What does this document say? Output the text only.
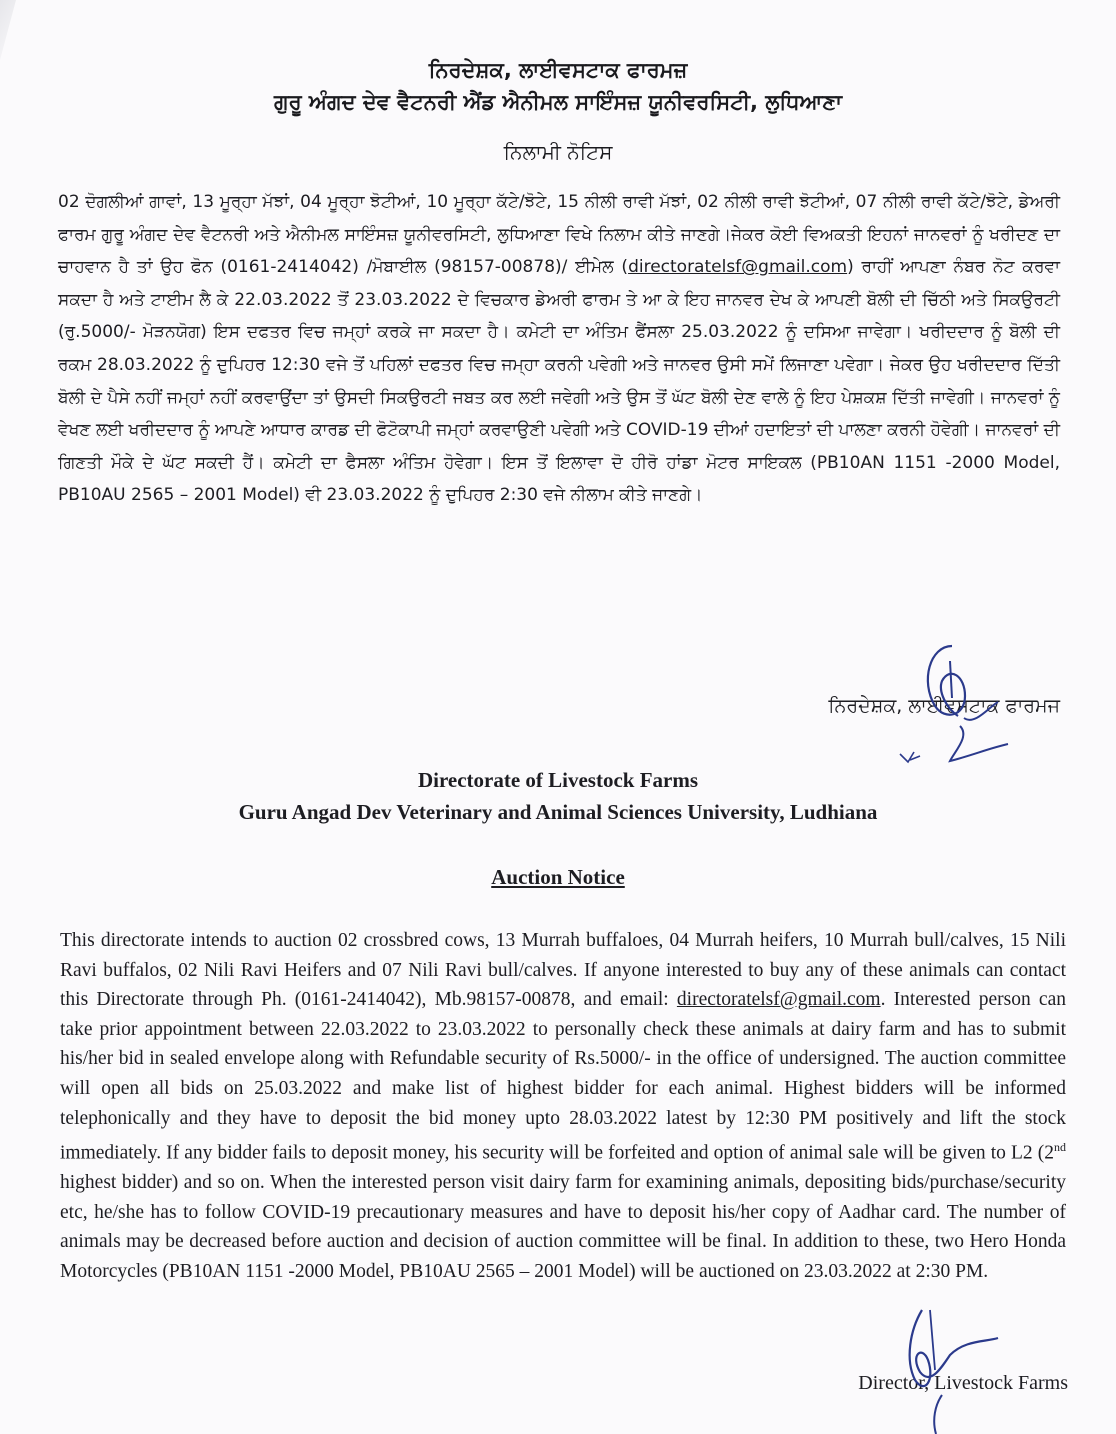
ਨਿਰਦੇਸ਼ਕ, ਲਾਈਵਸਟਾਕ ਫਾਰਮਜ਼
ਗੁਰੂ ਅੰਗਦ ਦੇਵ ਵੈਟਨਰੀ ਐਂਡ ਐਨੀਮਲ ਸਾਇੰਸਜ਼ ਯੂਨੀਵਰਸਿਟੀ, ਲੁਧਿਆਣਾ
ਨਿਲਾਮੀ ਨੋਟਿਸ
02 ਦੋਗਲੀਆਂ ਗਾਵਾਂ, 13 ਮੂਰ੍ਹਾ ਮੱਝਾਂ, 04 ਮੂਰ੍ਹਾ ਝੋਟੀਆਂ, 10 ਮੂਰ੍ਹਾ ਕੱਟੇ/ਝੋਟੇ, 15 ਨੀਲੀ ਰਾਵੀ ਮੱਝਾਂ, 02 ਨੀਲੀ ਰਾਵੀ ਝੋਟੀਆਂ, 07 ਨੀਲੀ ਰਾਵੀ ਕੱਟੇ/ਝੋਟੇ, ਡੇਅਰੀ ਫਾਰਮ ਗੁਰੂ ਅੰਗਦ ਦੇਵ ਵੈਟਨਰੀ ਅਤੇ ਐਨੀਮਲ ਸਾਇੰਸਜ਼ ਯੂਨੀਵਰਸਿਟੀ, ਲੁਧਿਆਣਾ ਵਿਖੇ ਨਿਲਾਮ ਕੀਤੇ ਜਾਣਗੇ।ਜੇਕਰ ਕੋਈ ਵਿਅਕਤੀ ਇਹਨਾਂ ਜਾਨਵਰਾਂ ਨੂੰ ਖਰੀਦਣ ਦਾ ਚਾਹਵਾਨ ਹੈ ਤਾਂ ਉਹ ਫੋਨ (0161-2414042) /ਮੋਬਾਈਲ (98157-00878)/ ਈਮੇਲ (directoratelsf@gmail.com) ਰਾਹੀਂ ਆਪਣਾ ਨੰਬਰ ਨੋਟ ਕਰਵਾ ਸਕਦਾ ਹੈ ਅਤੇ ਟਾਈਮ ਲੈ ਕੇ 22.03.2022 ਤੋਂ 23.03.2022 ਦੇ ਵਿਚਕਾਰ ਡੇਅਰੀ ਫਾਰਮ ਤੇ ਆ ਕੇ ਇਹ ਜਾਨਵਰ ਦੇਖ ਕੇ ਆਪਣੀ ਬੋਲੀ ਦੀ ਚਿੱਠੀ ਅਤੇ ਸਿਕਉਰਟੀ (ਰੁ.5000/- ਮੋੜਨਯੋਗ) ਇਸ ਦਫਤਰ ਵਿਚ ਜਮ੍ਹਾਂ ਕਰਕੇ ਜਾ ਸਕਦਾ ਹੈ। ਕਮੇਟੀ ਦਾ ਅੰਤਿਮ ਫੈਂਸਲਾ 25.03.2022 ਨੂੰ ਦਸਿਆ ਜਾਵੇਗਾ। ਖਰੀਦਦਾਰ ਨੂੰ ਬੋਲੀ ਦੀ ਰਕਮ 28.03.2022 ਨੂੰ ਦੁਪਿਹਰ 12:30 ਵਜੇ ਤੋਂ ਪਹਿਲਾਂ ਦਫਤਰ ਵਿਚ ਜਮ੍ਹਾ ਕਰਨੀ ਪਵੇਗੀ ਅਤੇ ਜਾਨਵਰ ਉਸੀ ਸਮੇਂ ਲਿਜਾਣਾ ਪਵੇਗਾ। ਜੇਕਰ ਉਹ ਖਰੀਦਦਾਰ ਦਿੱਤੀ ਬੋਲੀ ਦੇ ਪੈਸੇ ਨਹੀਂ ਜਮ੍ਹਾਂ ਨਹੀਂ ਕਰਵਾਉਂਦਾ ਤਾਂ ਉਸਦੀ ਸਿਕਉਰਟੀ ਜਬਤ ਕਰ ਲਈ ਜਵੇਗੀ ਅਤੇ ਉਸ ਤੋਂ ਘੱਟ ਬੋਲੀ ਦੇਣ ਵਾਲੇ ਨੂੰ ਇਹ ਪੇਸ਼ਕਸ਼ ਦਿੱਤੀ ਜਾਵੇਗੀ। ਜਾਨਵਰਾਂ ਨੂੰ ਵੇਖਣ ਲਈ ਖਰੀਦਦਾਰ ਨੂੰ ਆਪਣੇ ਆਧਾਰ ਕਾਰਡ ਦੀ ਫੋਟੋਕਾਪੀ ਜਮ੍ਹਾਂ ਕਰਵਾਉਣੀ ਪਵੇਗੀ ਅਤੇ COVID-19 ਦੀਆਂ ਹਦਾਇਤਾਂ ਦੀ ਪਾਲਣਾ ਕਰਨੀ ਹੋਵੇਗੀ। ਜਾਨਵਰਾਂ ਦੀ ਗਿਣਤੀ ਮੌਕੇ ਦੇ ਘੱਟ ਸਕਦੀ ਹੈਂ। ਕਮੇਟੀ ਦਾ ਫੈਸਲਾ ਅੰਤਿਮ ਹੋਵੇਗਾ। ਇਸ ਤੋਂ ਇਲਾਵਾ ਦੋ ਹੀਰੋ ਹਾਂਡਾ ਮੋਟਰ ਸਾਇਕਲ (PB10AN 1151 -2000 Model, PB10AU 2565 – 2001 Model) ਵੀ 23.03.2022 ਨੂੰ ਦੁਪਿਹਰ 2:30 ਵਜੇ ਨੀਲਾਮ ਕੀਤੇ ਜਾਣਗੇ।
ਨਿਰਦੇਸ਼ਕ, ਲਾਈਵਸਟਾਕ ਫਾਰਮਜ
Directorate of Livestock Farms
Guru Angad Dev Veterinary and Animal Sciences University, Ludhiana
Auction Notice
This directorate intends to auction 02 crossbred cows, 13 Murrah buffaloes, 04 Murrah heifers, 10 Murrah bull/calves, 15 Nili Ravi buffalos, 02 Nili Ravi Heifers and 07 Nili Ravi bull/calves. If anyone interested to buy any of these animals can contact this Directorate through Ph. (0161-2414042), Mb.98157-00878, and email: directoratelsf@gmail.com. Interested person can take prior appointment between 22.03.2022 to 23.03.2022 to personally check these animals at dairy farm and has to submit his/her bid in sealed envelope along with Refundable security of Rs.5000/- in the office of undersigned. The auction committee will open all bids on 25.03.2022 and make list of highest bidder for each animal. Highest bidders will be informed telephonically and they have to deposit the bid money upto 28.03.2022 latest by 12:30 PM positively and lift the stock immediately. If any bidder fails to deposit money, his security will be forfeited and option of animal sale will be given to L2 (2nd highest bidder) and so on. When the interested person visit dairy farm for examining animals, depositing bids/purchase/security etc, he/she has to follow COVID-19 precautionary measures and have to deposit his/her copy of Aadhar card. The number of animals may be decreased before auction and decision of auction committee will be final. In addition to these, two Hero Honda Motorcycles (PB10AN 1151 -2000 Model, PB10AU 2565 – 2001 Model) will be auctioned on 23.03.2022 at 2:30 PM.
Director, Livestock Farms
